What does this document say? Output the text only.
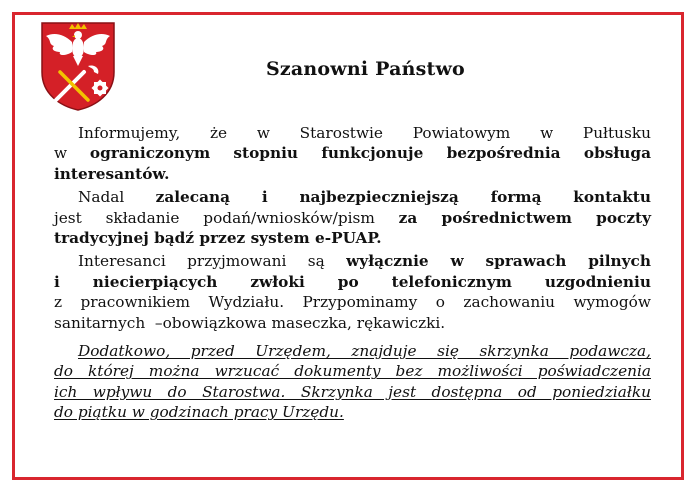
Szanowni Państwo

Informujemy, że w Starostwie Powiatowym w Pułtusku
w ograniczonym stopniu funkcjonuje bezpośrednia obsługa
interesantów.

Nadal zalecaną i najbezpieczniejszą formą kontaktu
jest składanie podań/wniosków/pism za pośrednictwem poczty
tradycyjnej bądź przez system e-PUAP.

Interesanci przyjmowani są wyłącznie w sprawach pilnych
i niecierpiących zwłoki po telefonicznym uzgodnieniu
z pracownikiem Wydziału. Przypominamy o zachowaniu wymogów
sanitarnych  –obowiązkowa maseczka, rękawiczki.

Dodatkowo, przed Urzędem, znajduje się skrzynka podawcza,
do której można wrzucać dokumenty bez możliwości poświadczenia
ich wpływu do Starostwa. Skrzynka jest dostępna od poniedziałku
do piątku w godzinach pracy Urzędu.
